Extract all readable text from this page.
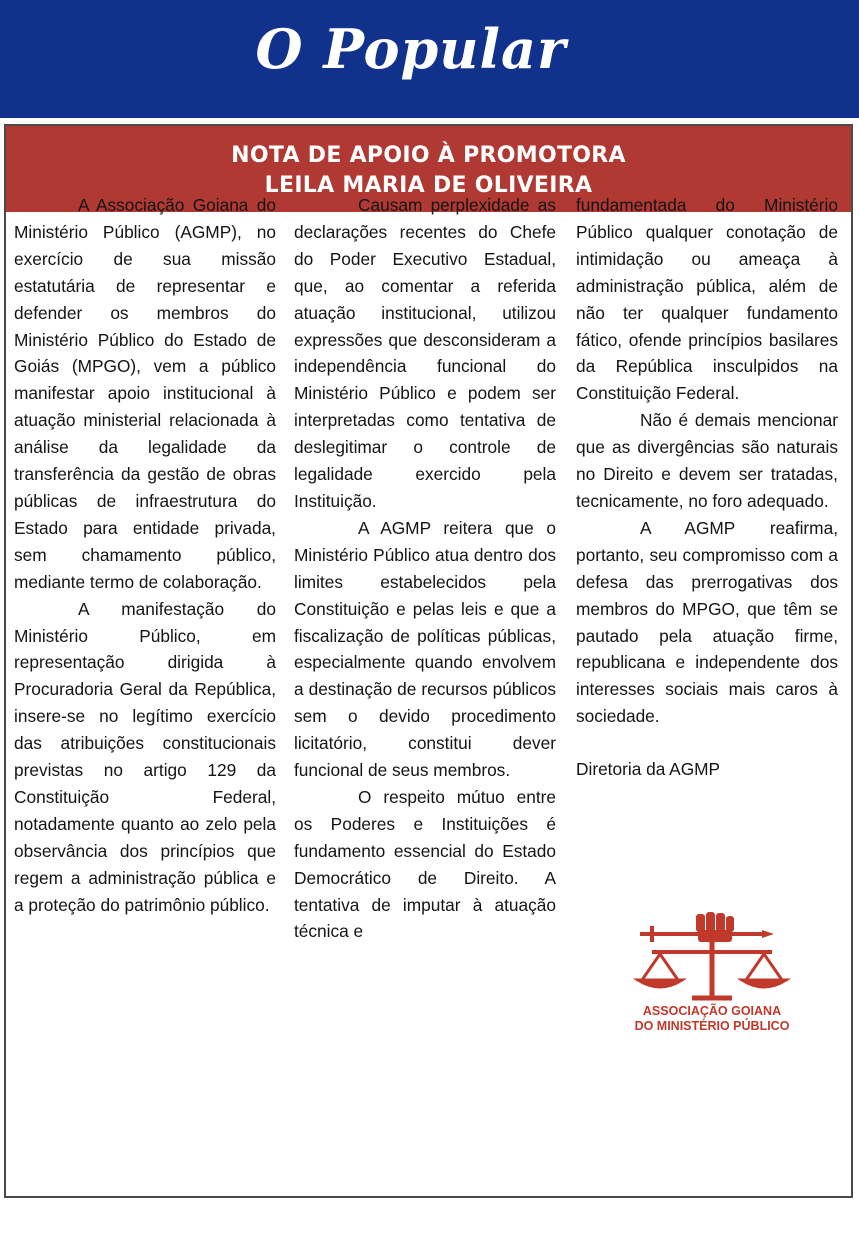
O Popular
NOTA DE APOIO À PROMOTORA
LEILA MARIA DE OLIVEIRA

A Associação Goiana do Ministério Público (AGMP), no exercício de sua missão estatutária de representar e defender os membros do Ministério Público do Estado de Goiás (MPGO), vem a público manifestar apoio institucional à atuação ministerial relacionada à análise da legalidade da transferência da gestão de obras públicas de infraestrutura do Estado para entidade privada, sem chamamento público, mediante termo de colaboração.

A manifestação do Ministério Público, em representação dirigida à Procuradoria Geral da República, insere-se no legítimo exercício das atribuições constitucionais previstas no artigo 129 da Constituição Federal, notadamente quanto ao zelo pela observância dos princípios que regem a administração pública e a proteção do patrimônio público.

Causam perplexidade as declarações recentes do Chefe do Poder Executivo Estadual, que, ao comentar a referida atuação institucional, utilizou expressões que desconsideram a independência funcional do Ministério Público e podem ser interpretadas como tentativa de deslegitimar o controle de legalidade exercido pela Instituição.

A AGMP reitera que o Ministério Público atua dentro dos limites estabelecidos pela Constituição e pelas leis e que a fiscalização de políticas públicas, especialmente quando envolvem a destinação de recursos públicos sem o devido procedimento licitatório, constitui dever funcional de seus membros.

O respeito mútuo entre os Poderes e Instituições é fundamento essencial do Estado Democrático de Direito. A tentativa de imputar à atuação técnica e

fundamentada do Ministério Público qualquer conotação de intimidação ou ameaça à administração pública, além de não ter qualquer fundamento fático, ofende princípios basilares da República insculpidos na Constituição Federal.

Não é demais mencionar que as divergências são naturais no Direito e devem ser tratadas, tecnicamente, no foro adequado.

A AGMP reafirma, portanto, seu compromisso com a defesa das prerrogativas dos membros do MPGO, que têm se pautado pela atuação firme, republicana e independente dos interesses sociais mais caros à sociedade.

Diretoria da AGMP

ASSOCIAÇÃO GOIANA
DO MINISTÉRIO PÚBLICO
